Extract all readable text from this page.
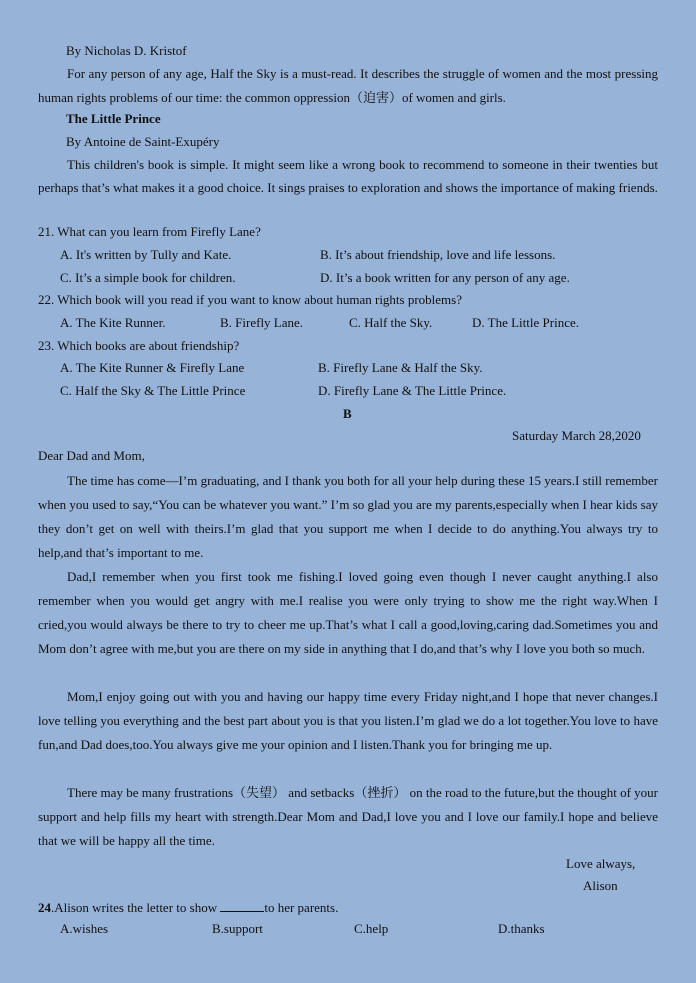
By Nicholas D. Kristof
For any person of any age, Half the Sky is a must-read. It describes the struggle of women and the most pressing human rights problems of our time: the common oppression（迫害）of women and girls.
The Little Prince
By Antoine de Saint-Exupéry
This children's book is simple. It might seem like a wrong book to recommend to someone in their twenties but perhaps that’s what makes it a good choice. It sings praises to exploration and shows the importance of making friends.
21. What can you learn from Firefly Lane?
A. It's written by Tully and Kate.	B. It’s about friendship, love and life lessons.
C. It’s a simple book for children.	D. It’s a book written for any person of any age.
22. Which book will you read if you want to know about human rights problems?
A. The Kite Runner.	B. Firefly Lane.	C. Half the Sky.	D. The Little Prince.
23. Which books are about friendship?
A. The Kite Runner & Firefly Lane	B. Firefly Lane & Half the Sky.
C. Half the Sky & The Little Prince	D. Firefly Lane & The Little Prince.
B
Saturday March 28,2020
Dear Dad and Mom,
The time has come—I’m graduating, and I thank you both for all your help during these 15 years.I still remember when you used to say,“You can be whatever you want.” I’m so glad you are my parents,especially when I hear kids say they don’t get on well with theirs.I’m glad that you support me when I decide to do anything.You always try to help,and that’s important to me.
Dad,I remember when you first took me fishing.I loved going even though I never caught anything.I also remember when you would get angry with me.I realise you were only trying to show me the right way.When I cried,you would always be there to try to cheer me up.That’s what I call a good,loving,caring dad.Sometimes you and Mom don’t agree with me,but you are there on my side in anything that I do,and that’s why I love you both so much.
Mom,I enjoy going out with you and having our happy time every Friday night,and I hope that never changes.I love telling you everything and the best part about you is that you listen.I’m glad we do a lot together.You love to have fun,and Dad does,too.You always give me your opinion and I listen.Thank you for bringing me up.
There may be many frustrations（失望） and setbacks（挫折） on the road to the future,but the thought of your support and help fills my heart with strength.Dear Mom and Dad,I love you and I love our family.I hope and believe that we will be happy all the time.
Love always,
Alison
24.Alison writes the letter to show	to her parents.
A.wishes	B.support	C.help	D.thanks
